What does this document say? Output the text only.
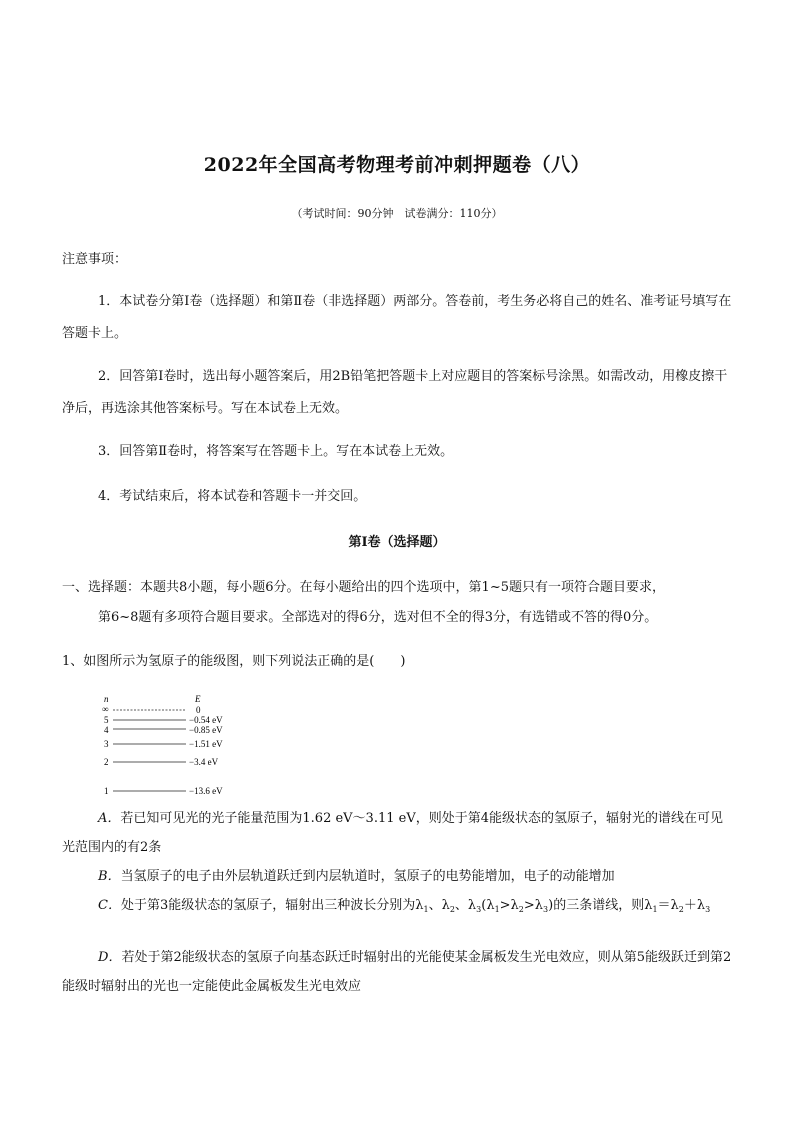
2022年全国高考物理考前冲刺押题卷（八）
（考试时间：90分钟　试卷满分：110分）
注意事项：
1．本试卷分第Ⅰ卷（选择题）和第Ⅱ卷（非选择题）两部分。答卷前，考生务必将自己的姓名、准考证号填写在答题卡上。
2．回答第Ⅰ卷时，选出每小题答案后，用2B铅笔把答题卡上对应题目的答案标号涂黑。如需改动，用橡皮擦干净后，再选涂其他答案标号。写在本试卷上无效。
3．回答第Ⅱ卷时，将答案写在答题卡上。写在本试卷上无效。
4．考试结束后，将本试卷和答题卡一并交回。
第Ⅰ卷（选择题）
一、选择题：本题共8小题，每小题6分。在每小题给出的四个选项中，第1~5题只有一项符合题目要求，
第6~8题有多项符合题目要求。全部选对的得6分，选对但不全的得3分，有选错或不答的得0分。
1、如图所示为氢原子的能级图，则下列说法正确的是(　　)
n	E
∞	0
5	−0.54 eV
4	−0.85 eV
3	−1.51 eV
2	−3.4 eV
1	−13.6 eV
A．若已知可见光的光子能量范围为1.62 eV～3.11 eV，则处于第4能级状态的氢原子，辐射光的谱线在可见光范围内的有2条
B．当氢原子的电子由外层轨道跃迁到内层轨道时，氢原子的电势能增加，电子的动能增加
C．处于第3能级状态的氢原子，辐射出三种波长分别为$\lambda_1$、$\lambda_2$、$\lambda_3(\lambda_1>\lambda_2>\lambda_3)$的三条谱线，则$\lambda_1=\lambda_2+\lambda_3$
D．若处于第2能级状态的氢原子向基态跃迁时辐射出的光能使某金属板发生光电效应，则从第5能级跃迁到第2能级时辐射出的光也一定能使此金属板发生光电效应
